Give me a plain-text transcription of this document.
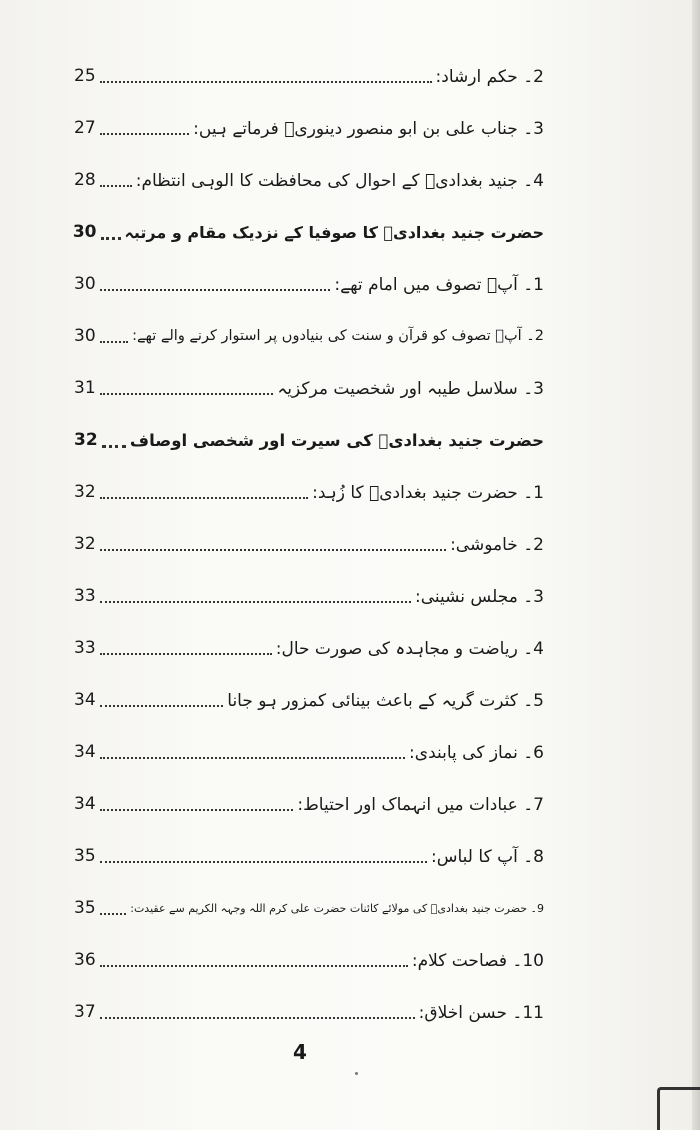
2۔ حکم ارشاد:
25
3۔ جناب علی بن ابو منصور دینوریؒ فرماتے ہیں:
27
4۔ جنید بغدادیؒ کے احوال کی محافظت کا الوہی انتظام:
28
حضرت جنید بغدادیؒ کا صوفیا کے نزدیک مقام و مرتبہ
30
1۔ آپؒ تصوف میں امام تھے:
30
2۔ آپؒ تصوف کو قرآن و سنت کی بنیادوں پر استوار کرنے والے تھے:
30
3۔ سلاسل طیبہ اور شخصیت مرکزیہ
31
حضرت جنید بغدادیؒ کی سیرت اور شخصی اوصاف
32
1۔ حضرت جنید بغدادیؒ کا زُہد:
32
2۔ خاموشی:
32
3۔ مجلس نشینی:
33
4۔ ریاضت و مجاہدہ کی صورت حال:
33
5۔ کثرت گریہ کے باعث بینائی کمزور ہو جانا
34
6۔ نماز کی پابندی:
34
7۔ عبادات میں انہماک اور احتیاط:
34
8۔ آپ کا لباس:
35
9۔ حضرت جنید بغدادیؒ کی مولائے کائنات حضرت علی کرم اللہ وجہہ الکریم سے عقیدت:
35
10۔ فصاحت کلام:
36
11۔ حسن اخلاق:
37
4
